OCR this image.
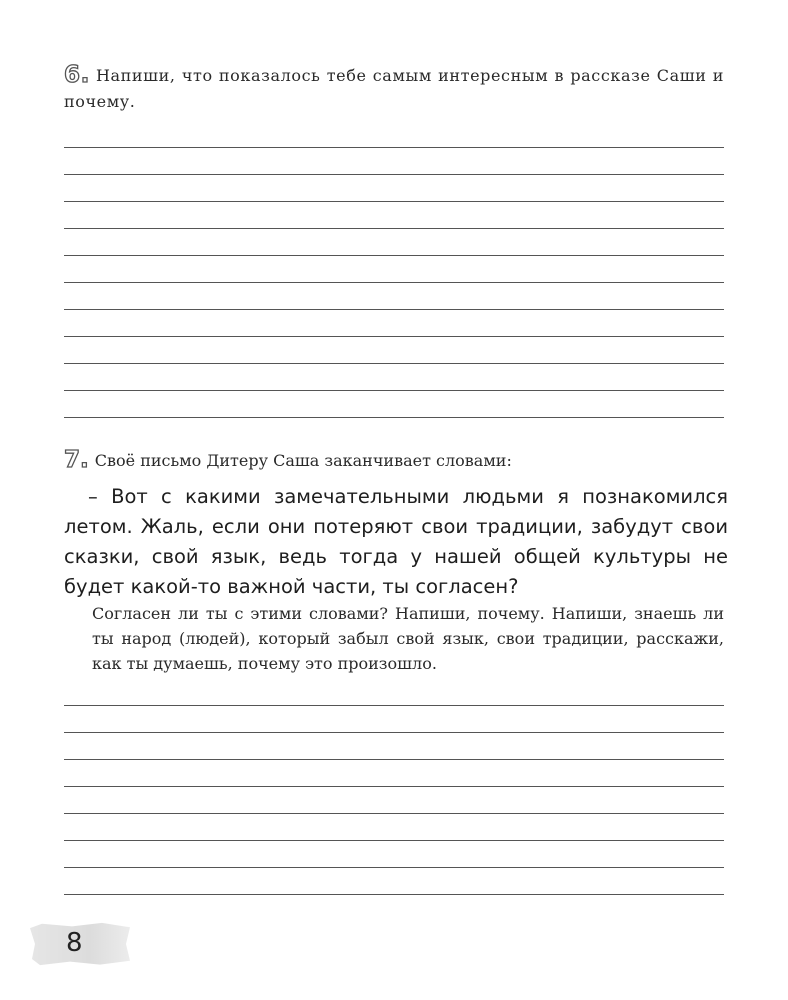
6. Напиши, что показалось тебе самым интересным в рассказе Саши и почему.
7. Своё письмо Дитеру Саша заканчивает словами:
– Вот с какими замечательными людьми я познакомился летом. Жаль, если они потеряют свои традиции, забудут свои сказки, свой язык, ведь тогда у нашей общей культуры не будет какой-то важной части, ты согласен?
Согласен ли ты с этими словами? Напиши, почему. Напиши, знаешь ли ты народ (людей), который забыл свой язык, свои традиции, расскажи, как ты думаешь, почему это произошло.
8
